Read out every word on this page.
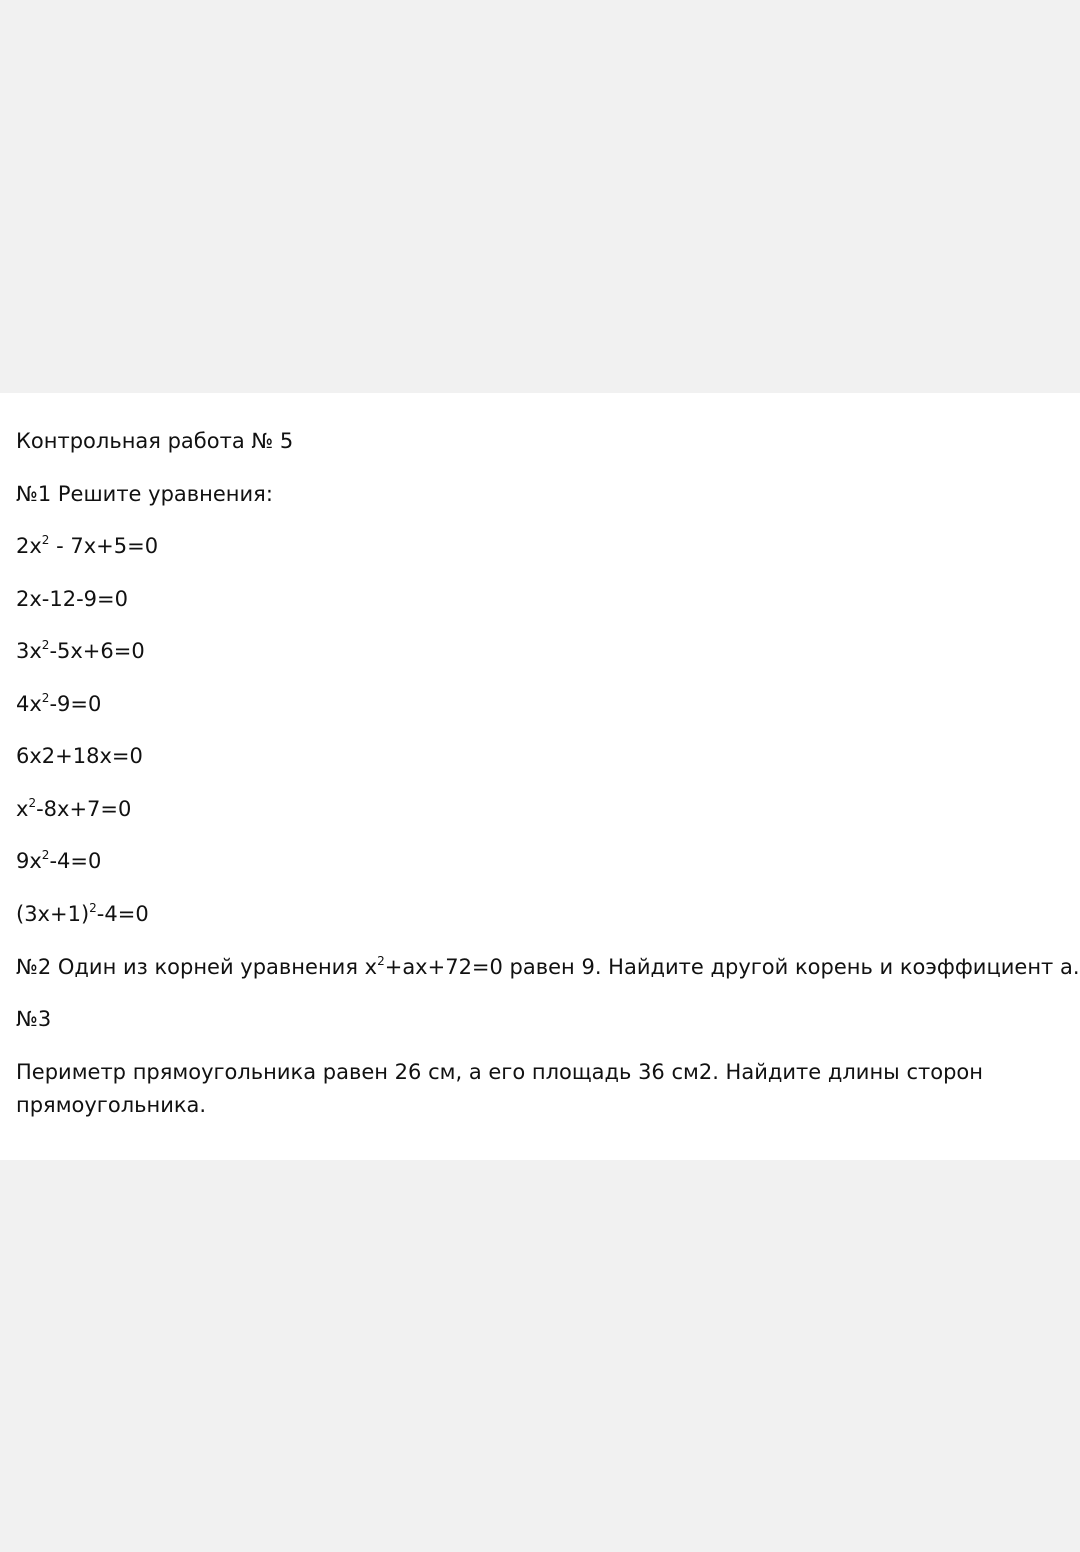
Контрольная работа № 5

№1 Решите уравнения:

$2x^2 - 7x+5=0$

2x-12-9=0

$3x^2-5x+6=0$

$4x^2-9=0$

6x2+18x=0

$x^2-8x+7=0$

$9x^2-4=0$

$(3x+1)^2-4=0$

№2 Один из корней уравнения $x^2+ax+72=0$ равен 9. Найдите другой корень и коэффициент а.

№3

Периметр прямоугольника равен 26 см, а его площадь 36 см2. Найдите длины сторон прямоугольника.
